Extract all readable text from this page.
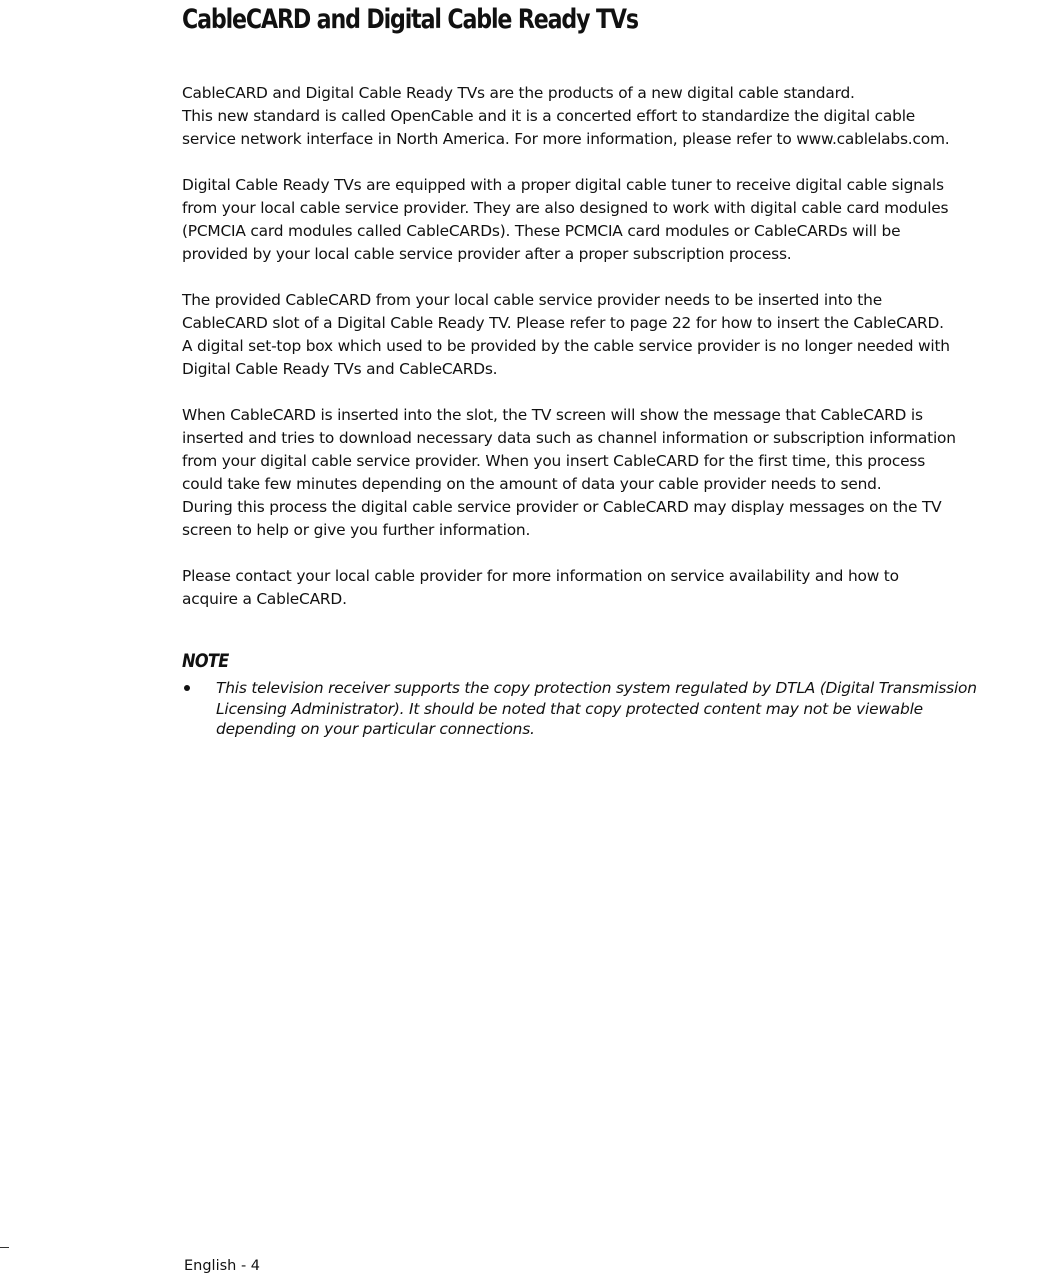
CableCARD and Digital Cable Ready TVs

CableCARD and Digital Cable Ready TVs are the products of a new digital cable standard.
This new standard is called OpenCable and it is a concerted effort to standardize the digital cable
service network interface in North America. For more information, please refer to www.cablelabs.com.

Digital Cable Ready TVs are equipped with a proper digital cable tuner to receive digital cable signals
from your local cable service provider. They are also designed to work with digital cable card modules
(PCMCIA card modules called CableCARDs). These PCMCIA card modules or CableCARDs will be
provided by your local cable service provider after a proper subscription process.

The provided CableCARD from your local cable service provider needs to be inserted into the
CableCARD slot of a Digital Cable Ready TV. Please refer to page 22 for how to insert the CableCARD.
A digital set-top box which used to be provided by the cable service provider is no longer needed with
Digital Cable Ready TVs and CableCARDs.

When CableCARD is inserted into the slot, the TV screen will show the message that CableCARD is
inserted and tries to download necessary data such as channel information or subscription information
from your digital cable service provider. When you insert CableCARD for the first time, this process
could take few minutes depending on the amount of data your cable provider needs to send.
During this process the digital cable service provider or CableCARD may display messages on the TV
screen to help or give you further information.

Please contact your local cable provider for more information on service availability and how to
acquire a CableCARD.

NOTE
This television receiver supports the copy protection system regulated by DTLA (Digital Transmission
Licensing Administrator). It should be noted that copy protected content may not be viewable
depending on your particular connections.
English - 4
